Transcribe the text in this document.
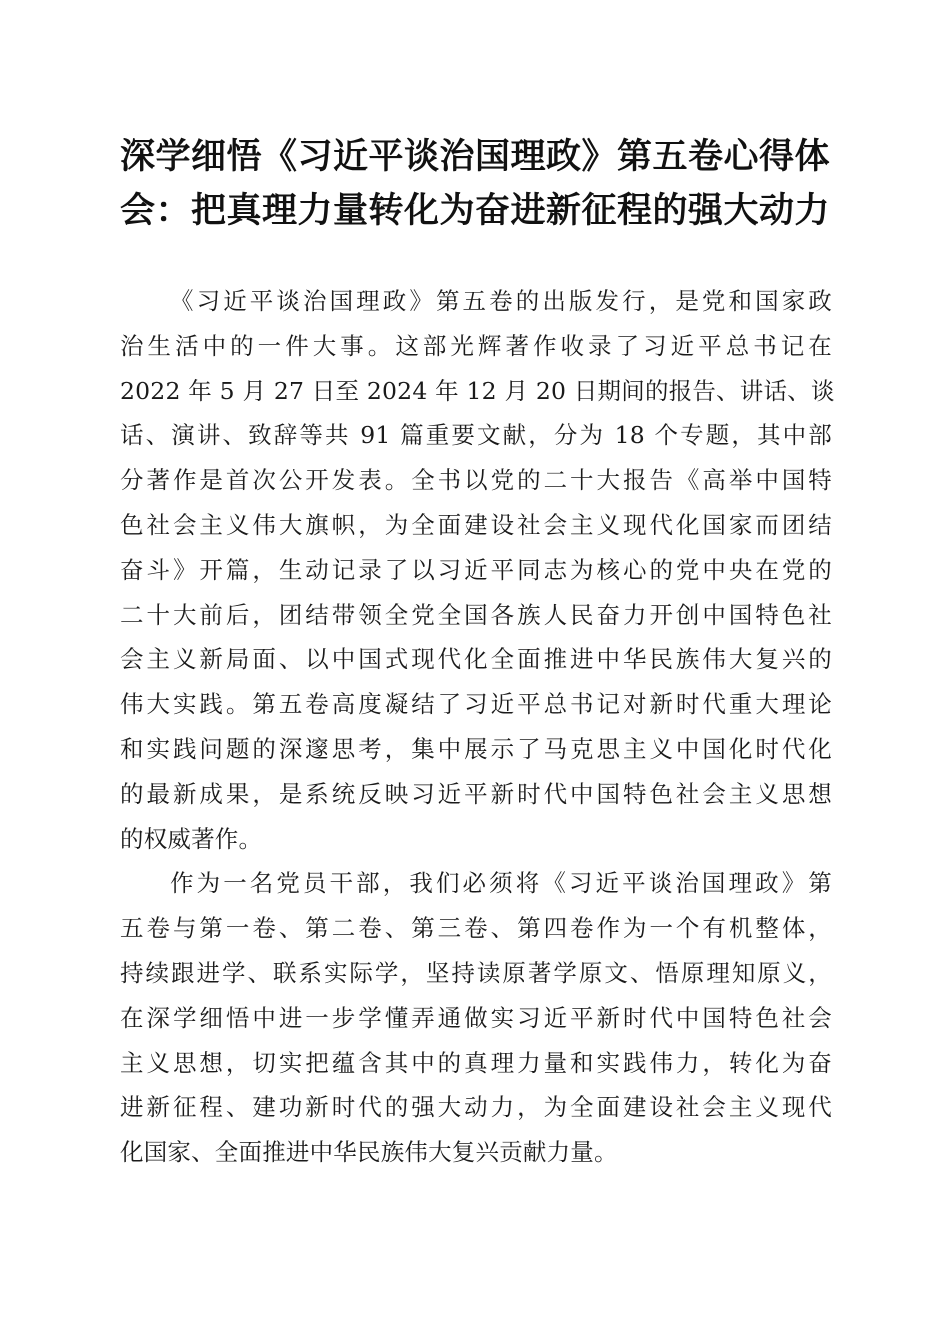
深学细悟《习近平谈治国理政》第五卷心得体
会：把真理力量转化为奋进新征程的强大动力
《习近平谈治国理政》第五卷的出版发行，是党和国家政
治生活中的一件大事。这部光辉著作收录了习近平总书记在
2022 年 5 月 27 日至 2024 年 12 月 20 日期间的报告、讲话、谈
话、演讲、致辞等共 91 篇重要文献，分为 18 个专题，其中部
分著作是首次公开发表。全书以党的二十大报告《高举中国特
色社会主义伟大旗帜，为全面建设社会主义现代化国家而团结
奋斗》开篇，生动记录了以习近平同志为核心的党中央在党的
二十大前后，团结带领全党全国各族人民奋力开创中国特色社
会主义新局面、以中国式现代化全面推进中华民族伟大复兴的
伟大实践。第五卷高度凝结了习近平总书记对新时代重大理论
和实践问题的深邃思考，集中展示了马克思主义中国化时代化
的最新成果，是系统反映习近平新时代中国特色社会主义思想
的权威著作。
作为一名党员干部，我们必须将《习近平谈治国理政》第
五卷与第一卷、第二卷、第三卷、第四卷作为一个有机整体，
持续跟进学、联系实际学，坚持读原著学原文、悟原理知原义，
在深学细悟中进一步学懂弄通做实习近平新时代中国特色社会
主义思想，切实把蕴含其中的真理力量和实践伟力，转化为奋
进新征程、建功新时代的强大动力，为全面建设社会主义现代
化国家、全面推进中华民族伟大复兴贡献力量。
